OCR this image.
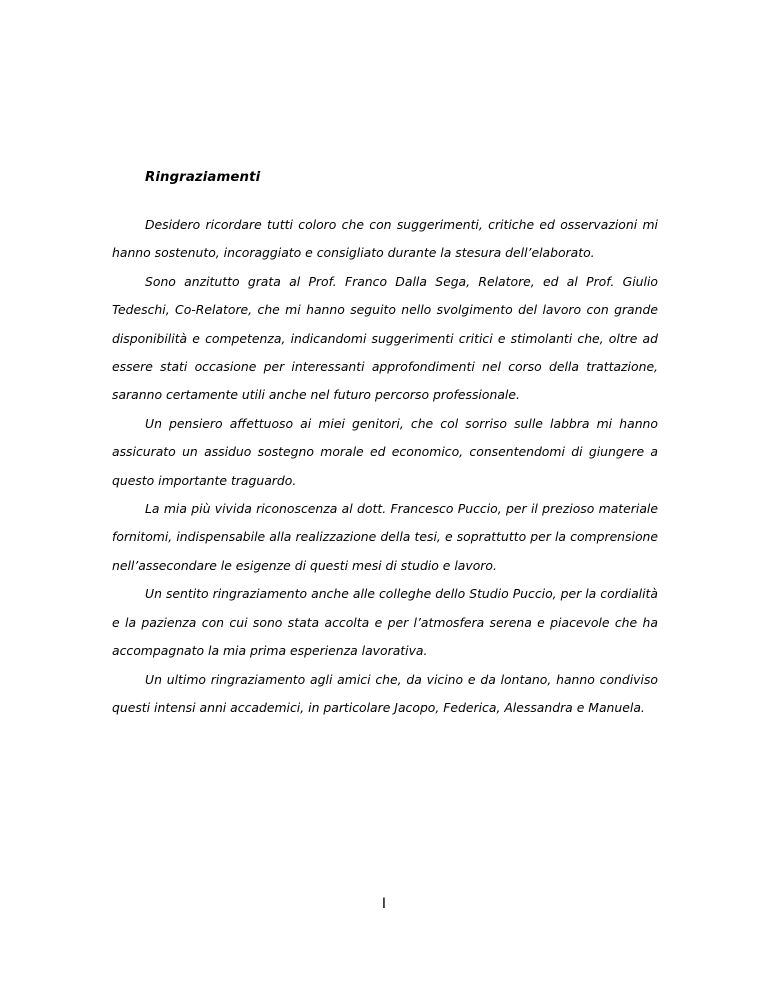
Ringraziamenti

Desidero ricordare tutti coloro che con suggerimenti, critiche ed osservazioni mi hanno sostenuto, incoraggiato e consigliato durante la stesura dell’elaborato.

Sono anzitutto grata al Prof. Franco Dalla Sega, Relatore, ed al Prof. Giulio Tedeschi, Co-Relatore, che mi hanno seguito nello svolgimento del lavoro con grande disponibilità e competenza, indicandomi suggerimenti critici e stimolanti che, oltre ad essere stati occasione per interessanti approfondimenti nel corso della trattazione, saranno certamente utili anche nel futuro percorso professionale.

Un pensiero affettuoso ai miei genitori, che col sorriso sulle labbra mi hanno assicurato un assiduo sostegno morale ed economico, consentendomi di giungere a questo importante traguardo.

La mia più vivida riconoscenza al dott. Francesco Puccio, per il prezioso materiale fornitomi, indispensabile alla realizzazione della tesi, e soprattutto per la comprensione nell’assecondare le esigenze di questi mesi di studio e lavoro.

Un sentito ringraziamento anche alle colleghe dello Studio Puccio, per la cordialità e la pazienza con cui sono stata accolta e per l’atmosfera serena e piacevole che ha accompagnato la mia prima esperienza lavorativa.

Un ultimo ringraziamento agli amici che, da vicino e da lontano, hanno condiviso questi intensi anni accademici, in particolare Jacopo, Federica, Alessandra e Manuela.

I
